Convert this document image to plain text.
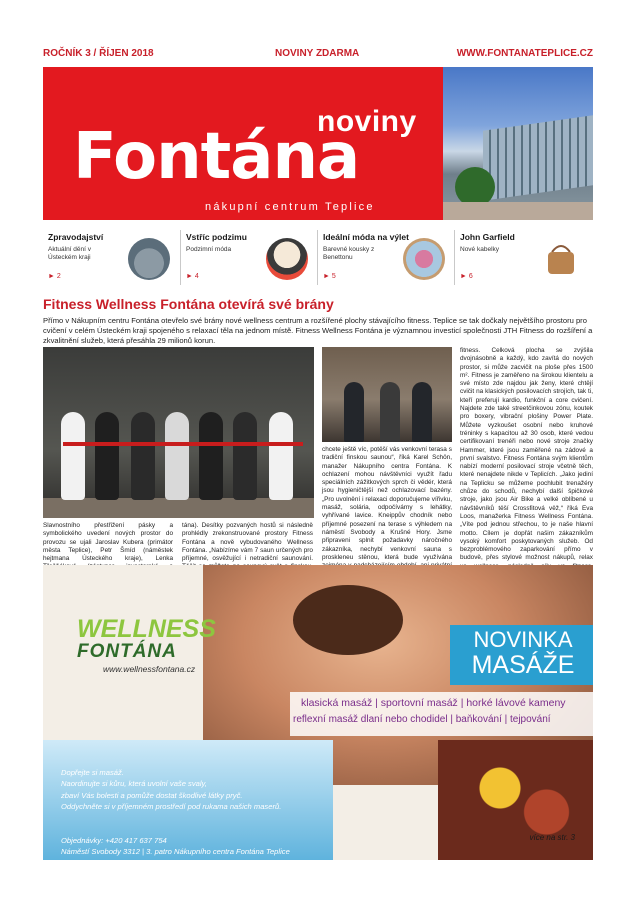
ROČNÍK 3 / ŘÍJEN 2018	NOVINY ZDARMA	WWW.FONTANATEPLICE.CZ
noviny
Fontána
nákupní centrum Teplice
Zpravodajství
Aktuální dění v Ústeckém kraji
► 2
Vstříc podzimu
Podzimní móda
► 4
Ideální móda na výlet
Barevné kousky z Benettonu
► 5
John Garfield
Nové kabelky
► 6
Fitness Wellness Fontána otevírá své brány
Přímo v Nákupním centru Fontána otevřelo své brány nové wellness centrum a rozšířené plochy stávajícího fitness. Teplice se tak dočkaly největšího prostoru pro cvičení v celém Ústeckém kraji spojeného s relaxací těla na jednom místě. Fitness Wellness Fontána je významnou investicí společnosti JTH Fitness do rozšíření a zkvalitnění služeb, která přesáhla 29 milionů korun.
Slavnostního přestřižení pásky a symbolického uvedení nových prostor do provozu se ujali Jaroslav Kubera (primátor města Teplice), Petr Šmíd (náměstek hejtmana Ústeckého kraje), Lenka
tána). Desítky pozvaných hostů si následně prohlédly zrekonstruované prostory Fitness Fontána a nově vybudovaného Wellness Fontána. „Nabízíme vám 7 saun určených pro příjemné, osvěžující i netradiční saunování.
chcete ještě víc, potěší vás venkovní terasa s tradiční finskou saunou“, říká Karel Schön, manažer Nákupního centra Fontána. K ochlazení mohou návštěvníci využít řadu speciálních zážitkových sprch či vědér, která jsou hygieničtější než ochlazovací bazény. „Pro uvolnění i relaxaci doporučujeme vířivku, masáž, solária, odpočívárny s lehátky, vyhřívané lavice. Kneippův chodník nebo příjemné posezení na terase s výhledem na náměstí Svobody a Krušné Hory. Jsme připraveni splnit požadavky náročného zákazníka, nechybí venkovní sauna s proskleneu stěnou, která bude využívána
fitness. Celková plocha se zvýšila dvojnásobně a každý, kdo zavítá do nových prostor, si může zacvičit na ploše přes 1500 m². Fitness je zaměřeno na širokou klientelu a své místo zde najdou jak ženy, které chtějí cvičit na klasických posilovacích strojích, tak ti, kteří preferují kardio, funkční a core cvičení. Najdete zde také streetčinkovou zónu, koutek pro boxery, vibrační plošiny Power Plate. Můžete vyzkoušet osobní nebo kruhové tréninky s kapacitou až 30 osob, které vedou certifikovaní trenéři nebo nové stroje značky Hammer, které jsou zaměřené na zádové a první svalstvo. Fitness Fontána svým klientům nabízí moderní posilovací stroje včetně těch, které nenajdete nikde v Teplicích. „Jako jediní na Teplicku se můžeme pochlubit trenažéry chůze do schodů, nechybí další špičkové stroje, jako jsou Air Bike a velké oblíbené u návštěvníků těší Crossfitová věž,“ říká Eva Loos, manažerka Fitness Wellness Fontána. „Víte pod jednou střechou, to je naše hlavní motto. Cílem je dopřát našim zákazníkům vysoký komfort poskytovaných služeb. Od bezproblémového zaparkování přímo v budově, přes stylové možnost nákupů, relax
WELLNESS
FONTÁNA
www.wellnessfontana.cz
NOVINKA
MASÁŽE
klasická masáž | sportovní masáž | horké lávové kameny
reflexní masáž dlaní nebo chodidel | baňkování | tejpování
Dopřejte si masáž.
Naordinujte si kůru, která uvolní vaše svaly,
zbaví Vás bolesti a pomůže dostat škodlivé látky pryč.
Oddychněte si v příjemném prostředí pod rukama našich maserů.
Objednávky: +420 417 637 754
Náměstí Svobody 3312 | 3. patro Nákupního centra Fontána Teplice
více na str. 3
